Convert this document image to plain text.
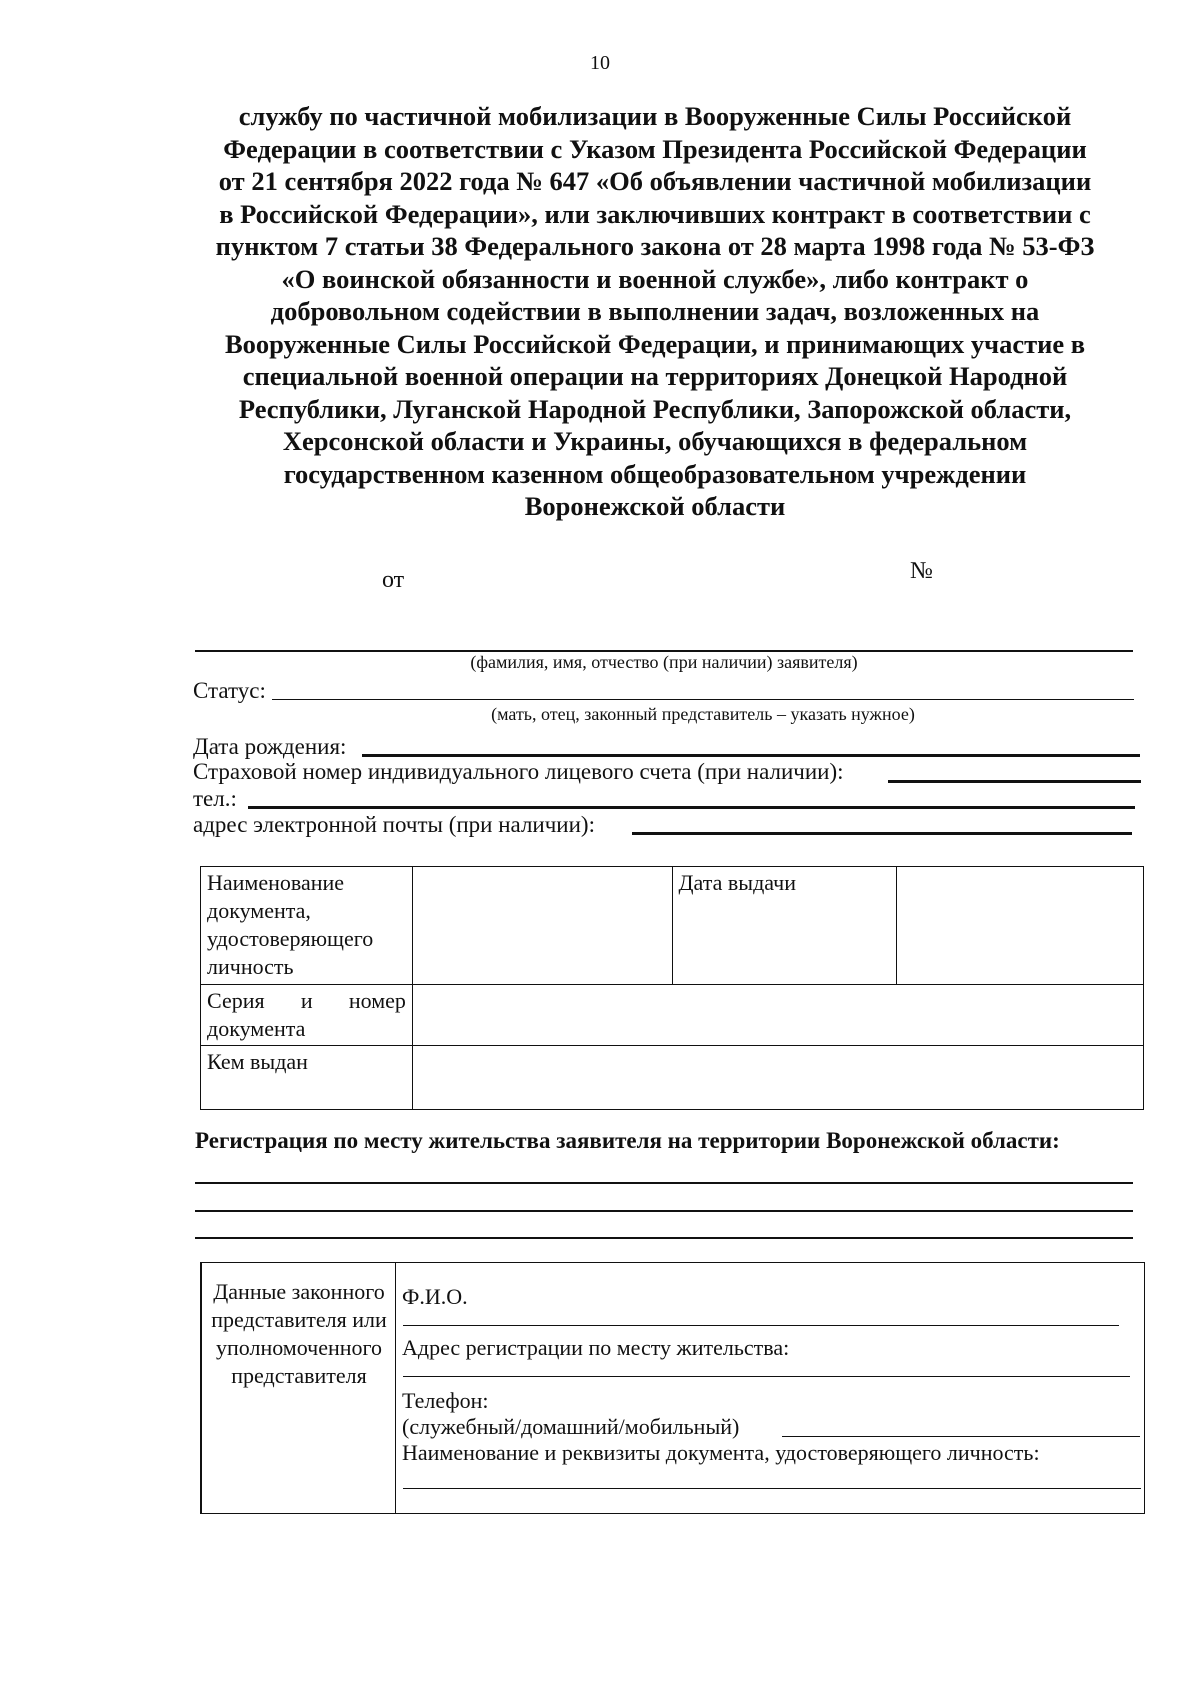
10
службу по частичной мобилизации в Вооруженные Силы Российской
Федерации в соответствии с Указом Президента Российской Федерации
от 21 сентября 2022 года № 647 «Об объявлении частичной мобилизации
в Российской Федерации», или заключивших контракт в соответствии с
пунктом 7 статьи 38 Федерального закона от 28 марта 1998 года № 53-ФЗ
«О воинской обязанности и военной службе», либо контракт о
добровольном содействии в выполнении задач, возложенных на
Вооруженные Силы Российской Федерации, и принимающих участие в
специальной военной операции на территориях Донецкой Народной
Республики, Луганской Народной Республики, Запорожской области,
Херсонской области и Украины, обучающихся в федеральном
государственном казенном общеобразовательном учреждении
Воронежской области
от	№
(фамилия, имя, отчество (при наличии) заявителя)
Статус:
(мать, отец, законный представитель – указать нужное)
Дата рождения:
Страховой номер индивидуального лицевого счета (при наличии):
тел.:
адрес электронной почты (при наличии):
Наименование документа, удостоверяющего личность		Дата выдачи	
Серия и номер документа			
Кем выдан			
Регистрация по месту жительства заявителя на территории Воронежской области:
Данные законного представителя или уполномоченного представителя
Ф.И.О.
Адрес регистрации по месту жительства:
Телефон:
(служебный/домашний/мобильный)
Наименование и реквизиты документа, удостоверяющего личность:
